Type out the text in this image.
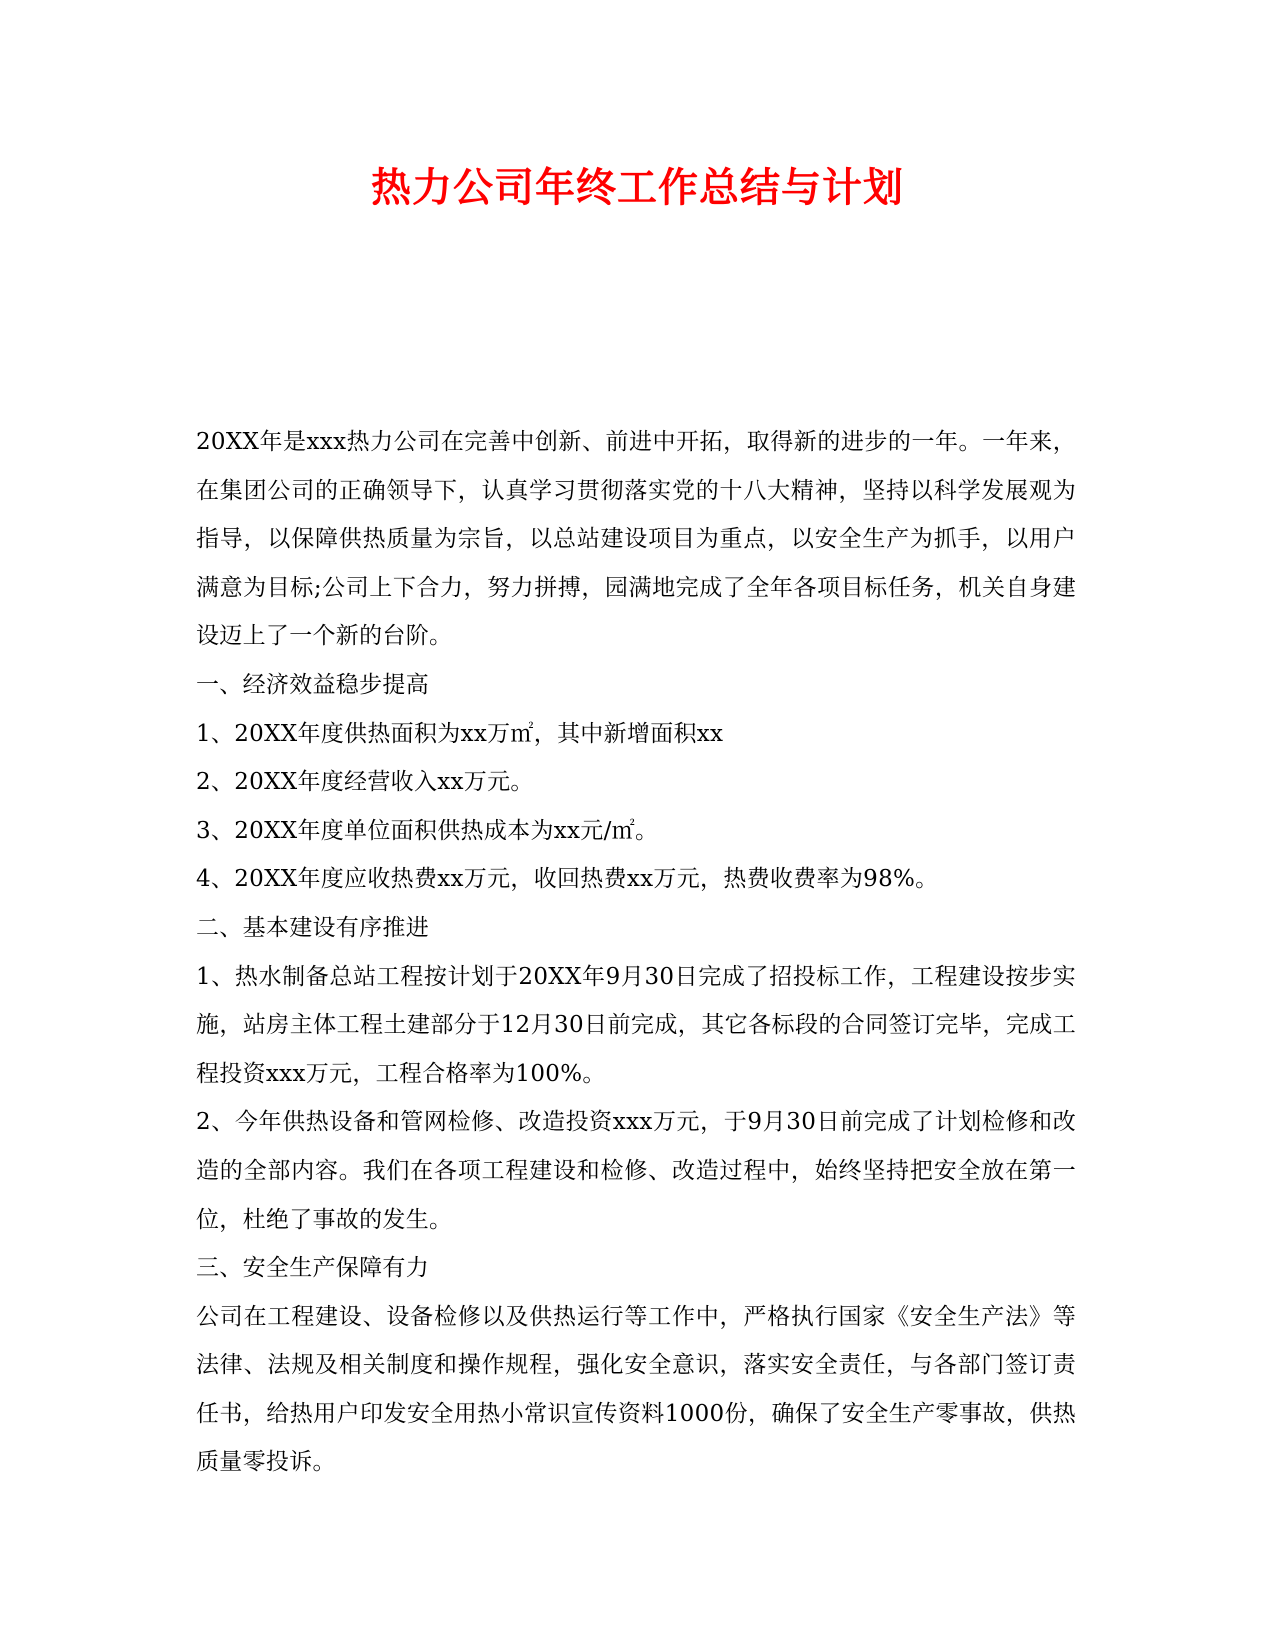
热力公司年终工作总结与计划

20XX年是xxx热力公司在完善中创新、前进中开拓，取得新的进步的一年。一年来，在集团公司的正确领导下，认真学习贯彻落实党的十八大精神，坚持以科学发展观为指导，以保障供热质量为宗旨，以总站建设项目为重点，以安全生产为抓手，以用户满意为目标;公司上下合力，努力拼搏，园满地完成了全年各项目标任务，机关自身建设迈上了一个新的台阶。

一、经济效益稳步提高

1、20XX年度供热面积为xx万㎡，其中新增面积xx

2、20XX年度经营收入xx万元。

3、20XX年度单位面积供热成本为xx元/㎡。

4、20XX年度应收热费xx万元，收回热费xx万元，热费收费率为98%。

二、基本建设有序推进

1、热水制备总站工程按计划于20XX年9月30日完成了招投标工作，工程建设按步实施，站房主体工程土建部分于12月30日前完成，其它各标段的合同签订完毕，完成工程投资xxx万元，工程合格率为100%。

2、今年供热设备和管网检修、改造投资xxx万元，于9月30日前完成了计划检修和改造的全部内容。我们在各项工程建设和检修、改造过程中，始终坚持把安全放在第一位，杜绝了事故的发生。

三、安全生产保障有力

公司在工程建设、设备检修以及供热运行等工作中，严格执行国家《安全生产法》等法律、法规及相关制度和操作规程，强化安全意识，落实安全责任，与各部门签订责任书，给热用户印发安全用热小常识宣传资料1000份，确保了安全生产零事故，供热质量零投诉。
